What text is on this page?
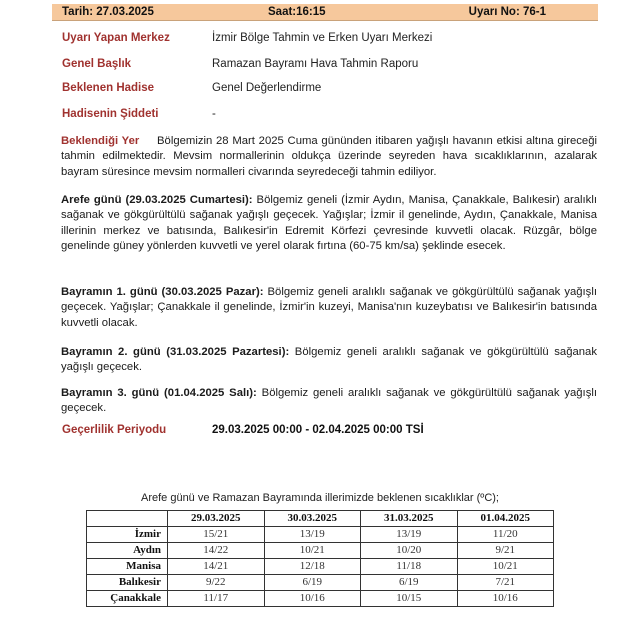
Tarih: 27.03.2025	Saat:16:15	Uyarı No: 76-1
Uyarı Yapan Merkez	İzmir Bölge Tahmin ve Erken Uyarı Merkezi
Genel Başlık	Ramazan Bayramı Hava Tahmin Raporu
Beklenen Hadise	Genel Değerlendirme
Hadisenin Şiddeti	-
Beklendiği Yer Bölgemizin 28 Mart 2025 Cuma gününden itibaren yağışlı havanın etkisi altına gireceği tahmin edilmektedir. Mevsim normallerinin oldukça üzerinde seyreden hava sıcaklıklarının, azalarak bayram süresince mevsim normalleri civarında seyredeceği tahmin ediliyor.
Arefe günü (29.03.2025 Cumartesi): Bölgemiz geneli (İzmir Aydın, Manisa, Çanakkale, Balıkesir) aralıklı sağanak ve gökgürültülü sağanak yağışlı geçecek. Yağışlar; İzmir il genelinde, Aydın, Çanakkale, Manisa illerinin merkez ve batısında, Balıkesir'in Edremit Körfezi çevresinde kuvvetli olacak. Rüzgâr, bölge genelinde güney yönlerden kuvvetli ve yerel olarak fırtına (60-75 km/sa) şeklinde esecek.
Bayramın 1. günü (30.03.2025 Pazar): Bölgemiz geneli aralıklı sağanak ve gökgürültülü sağanak yağışlı geçecek. Yağışlar; Çanakkale il genelinde, İzmir'in kuzeyi, Manisa'nın kuzeybatısı ve Balıkesir'in batısında kuvvetli olacak.
Bayramın 2. günü (31.03.2025 Pazartesi): Bölgemiz geneli aralıklı sağanak ve gökgürültülü sağanak yağışlı geçecek.
Bayramın 3. günü (01.04.2025 Salı): Bölgemiz geneli aralıklı sağanak ve gökgürültülü sağanak yağışlı geçecek.
Geçerlilik Periyodu	29.03.2025 00:00 - 02.04.2025 00:00 TSİ
Arefe günü ve Ramazan Bayramında illerimizde beklenen sıcaklıklar (ºC);
	29.03.2025	30.03.2025	31.03.2025	01.04.2025
İzmir	15/21	13/19	13/19	11/20
Aydın	14/22	10/21	10/20	9/21
Manisa	14/21	12/18	11/18	10/21
Balıkesir	9/22	6/19	6/19	7/21
Çanakkale	11/17	10/16	10/15	10/16
